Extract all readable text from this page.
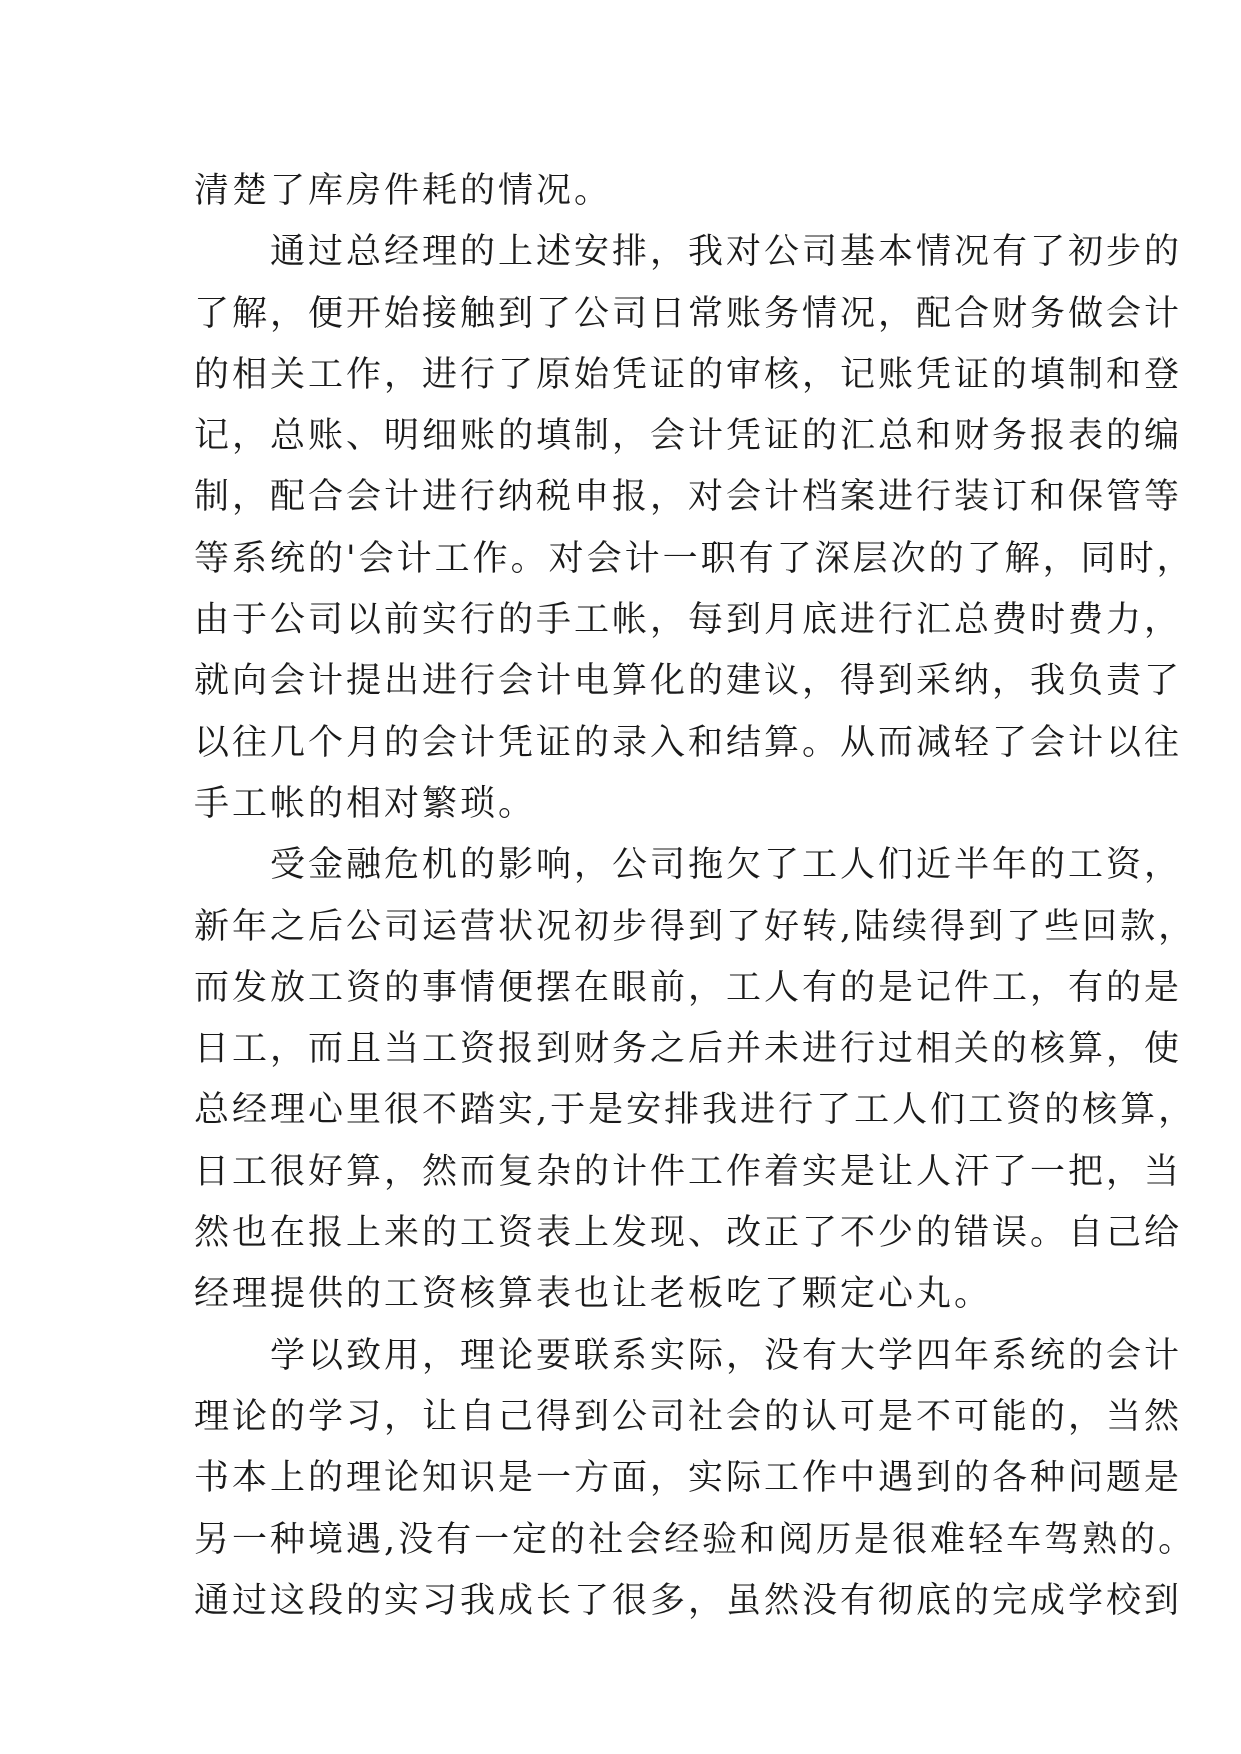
清楚了库房件耗的情况。
　　通过总经理的上述安排，我对公司基本情况有了初步的
了解，便开始接触到了公司日常账务情况，配合财务做会计
的相关工作，进行了原始凭证的审核，记账凭证的填制和登
记，总账、明细账的填制，会计凭证的汇总和财务报表的编
制，配合会计进行纳税申报，对会计档案进行装订和保管等
等系统的'会计工作。对会计一职有了深层次的了解，同时，
由于公司以前实行的手工帐，每到月底进行汇总费时费力，
就向会计提出进行会计电算化的建议，得到采纳，我负责了
以往几个月的会计凭证的录入和结算。从而减轻了会计以往
手工帐的相对繁琐。
　　受金融危机的影响，公司拖欠了工人们近半年的工资，
新年之后公司运营状况初步得到了好转,陆续得到了些回款，
而发放工资的事情便摆在眼前，工人有的是记件工，有的是
日工，而且当工资报到财务之后并未进行过相关的核算，使
总经理心里很不踏实,于是安排我进行了工人们工资的核算，
日工很好算，然而复杂的计件工作着实是让人汗了一把，当
然也在报上来的工资表上发现、改正了不少的错误。自己给
经理提供的工资核算表也让老板吃了颗定心丸。
　　学以致用，理论要联系实际，没有大学四年系统的会计
理论的学习，让自己得到公司社会的认可是不可能的，当然
书本上的理论知识是一方面，实际工作中遇到的各种问题是
另一种境遇,没有一定的社会经验和阅历是很难轻车驾熟的。
通过这段的实习我成长了很多，虽然没有彻底的完成学校到
